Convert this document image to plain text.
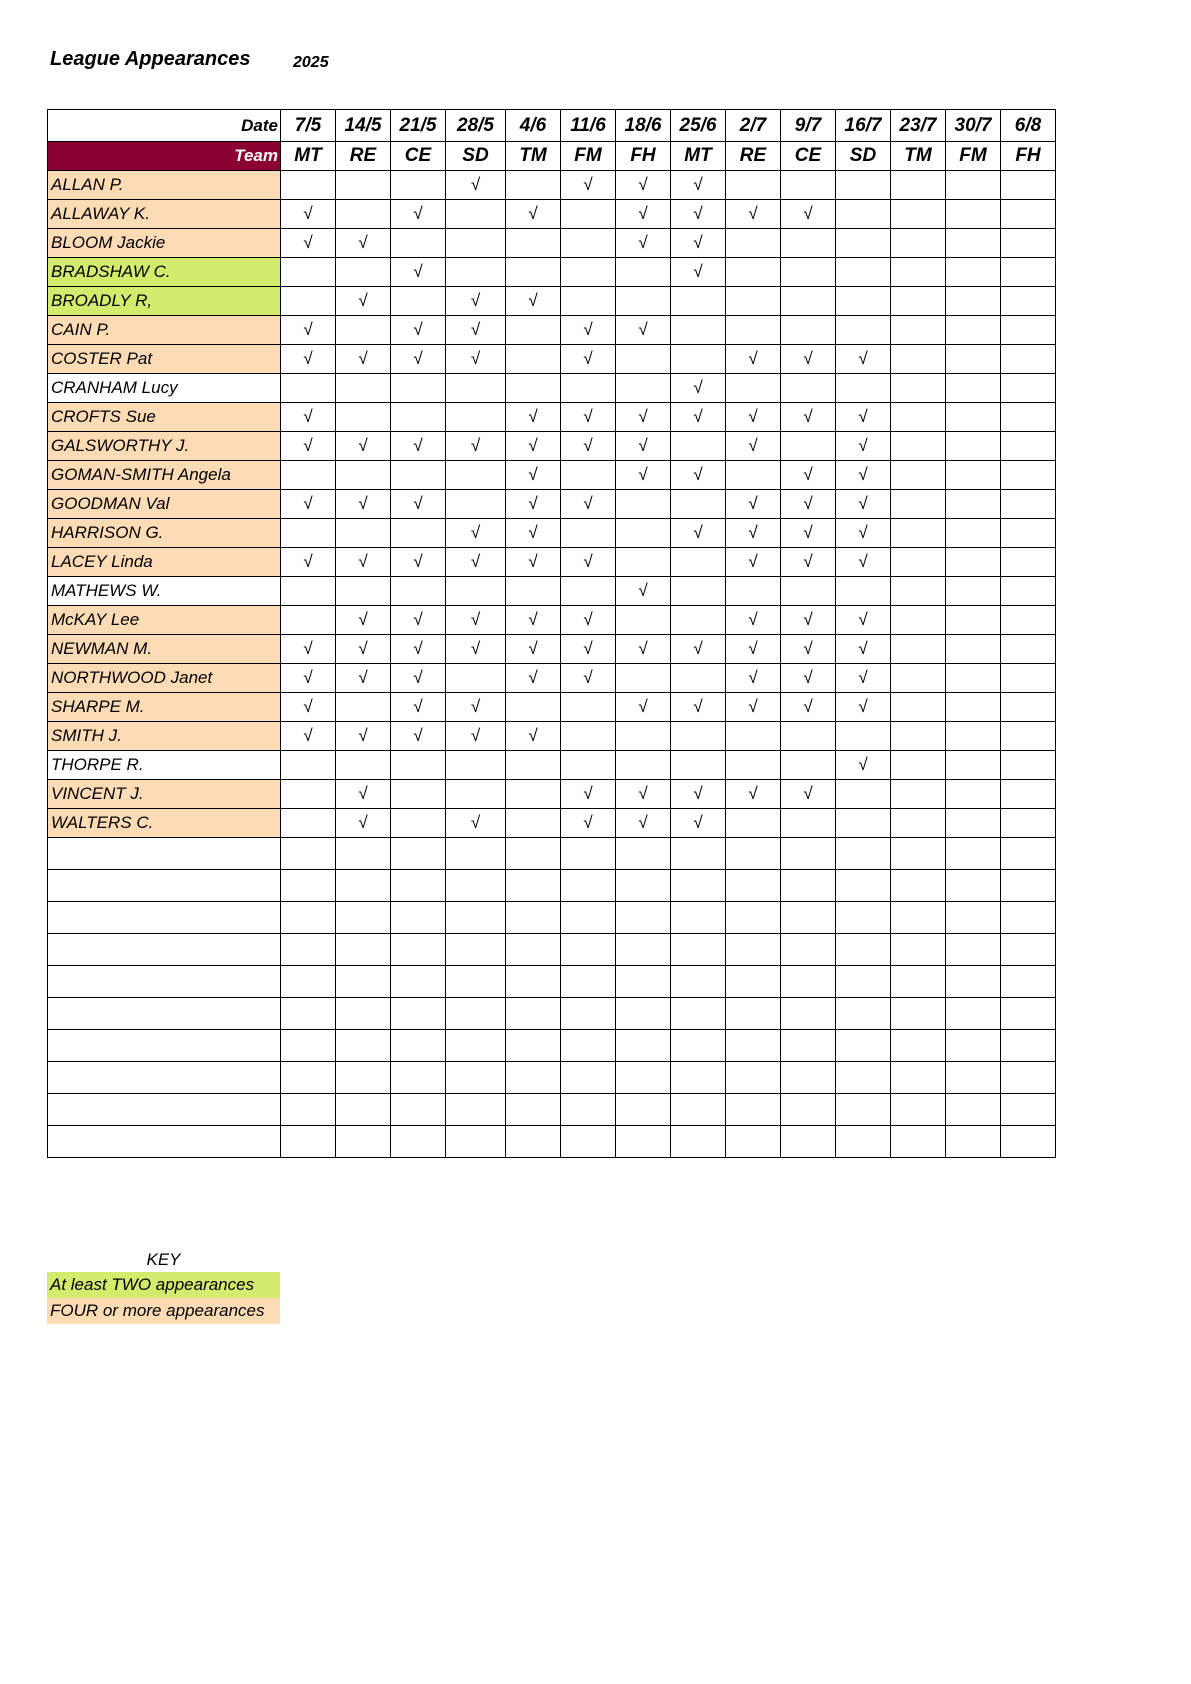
League Appearances	2025
Date	7/5	14/5	21/5	28/5	4/6	11/6	18/6	25/6	2/7	9/7	16/7	23/7	30/7	6/8
Team	MT	RE	CE	SD	TM	FM	FH	MT	RE	CE	SD	TM	FM	FH
ALLAN P.				√		√	√	√						
ALLAWAY K.	√		√		√		√	√	√	√				
BLOOM Jackie	√	√					√	√						
BRADSHAW C.			√					√						
BROADLY R,		√		√	√									
CAIN P.	√		√	√		√	√							
COSTER Pat	√	√	√	√		√			√	√	√			
CRANHAM Lucy								√						
CROFTS Sue	√				√	√	√	√	√	√	√			
GALSWORTHY J.	√	√	√	√	√	√	√		√		√			
GOMAN-SMITH Angela					√		√	√		√	√			
GOODMAN Val	√	√	√		√	√			√	√	√			
HARRISON G.				√	√			√	√	√	√			
LACEY Linda	√	√	√	√	√	√			√	√	√			
MATHEWS W.							√							
McKAY Lee		√	√	√	√	√			√	√	√			
NEWMAN M.	√	√	√	√	√	√	√	√	√	√	√			
NORTHWOOD Janet	√	√	√		√	√			√	√	√			
SHARPE M.	√		√	√			√	√	√	√	√			
SMITH J.	√	√	√	√	√									
THORPE R.											√			
VINCENT J.		√				√	√	√	√	√				
WALTERS C.		√		√		√	√	√						

KEY
At least TWO appearances
FOUR or more appearances
